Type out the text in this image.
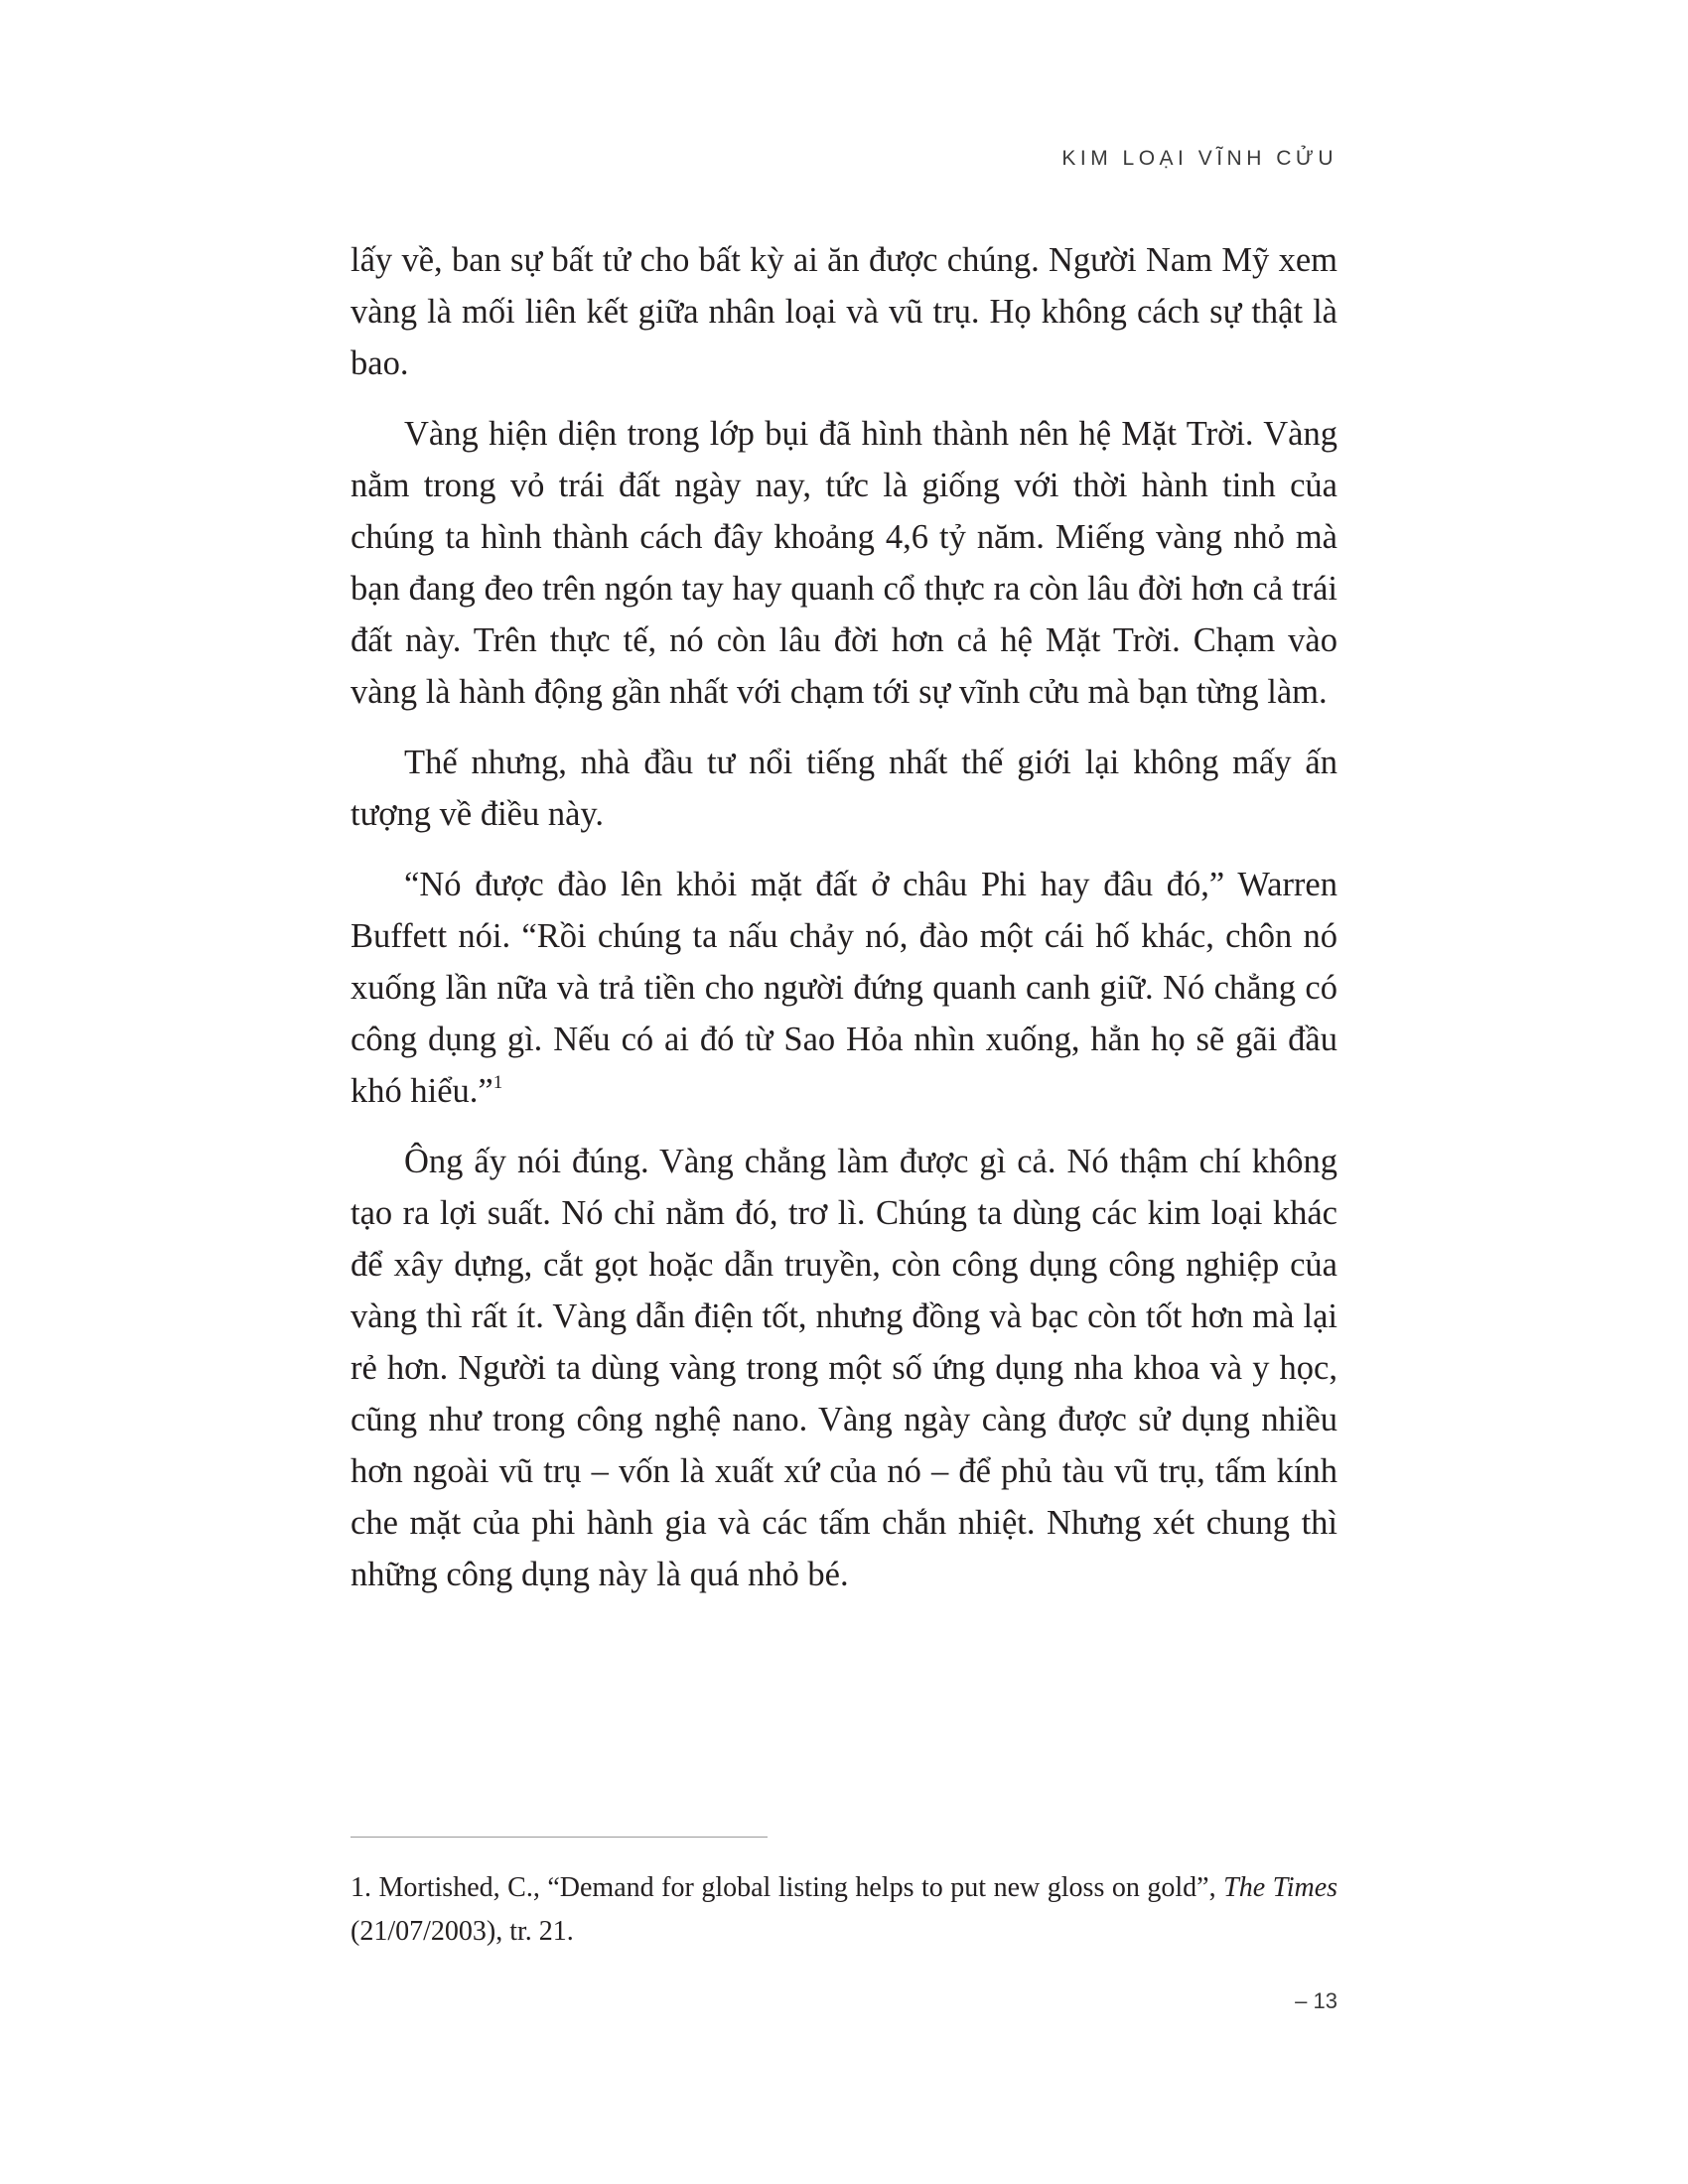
KIM LOẠI VĨNH CỬU

lấy về, ban sự bất tử cho bất kỳ ai ăn được chúng. Người Nam Mỹ xem vàng là mối liên kết giữa nhân loại và vũ trụ. Họ không cách sự thật là bao.

Vàng hiện diện trong lớp bụi đã hình thành nên hệ Mặt Trời. Vàng nằm trong vỏ trái đất ngày nay, tức là giống với thời hành tinh của chúng ta hình thành cách đây khoảng 4,6 tỷ năm. Miếng vàng nhỏ mà bạn đang đeo trên ngón tay hay quanh cổ thực ra còn lâu đời hơn cả trái đất này. Trên thực tế, nó còn lâu đời hơn cả hệ Mặt Trời. Chạm vào vàng là hành động gần nhất với chạm tới sự vĩnh cửu mà bạn từng làm.

Thế nhưng, nhà đầu tư nổi tiếng nhất thế giới lại không mấy ấn tượng về điều này.

“Nó được đào lên khỏi mặt đất ở châu Phi hay đâu đó,” Warren Buffett nói. “Rồi chúng ta nấu chảy nó, đào một cái hố khác, chôn nó xuống lần nữa và trả tiền cho người đứng quanh canh giữ. Nó chẳng có công dụng gì. Nếu có ai đó từ Sao Hỏa nhìn xuống, hẳn họ sẽ gãi đầu khó hiểu.”$^1$

Ông ấy nói đúng. Vàng chẳng làm được gì cả. Nó thậm chí không tạo ra lợi suất. Nó chỉ nằm đó, trơ lì. Chúng ta dùng các kim loại khác để xây dựng, cắt gọt hoặc dẫn truyền, còn công dụng công nghiệp của vàng thì rất ít. Vàng dẫn điện tốt, nhưng đồng và bạc còn tốt hơn mà lại rẻ hơn. Người ta dùng vàng trong một số ứng dụng nha khoa và y học, cũng như trong công nghệ nano. Vàng ngày càng được sử dụng nhiều hơn ngoài vũ trụ – vốn là xuất xứ của nó – để phủ tàu vũ trụ, tấm kính che mặt của phi hành gia và các tấm chắn nhiệt. Nhưng xét chung thì những công dụng này là quá nhỏ bé.

1. Mortished, C., “Demand for global listing helps to put new gloss on gold”, The Times (21/07/2003), tr. 21.

– 13
